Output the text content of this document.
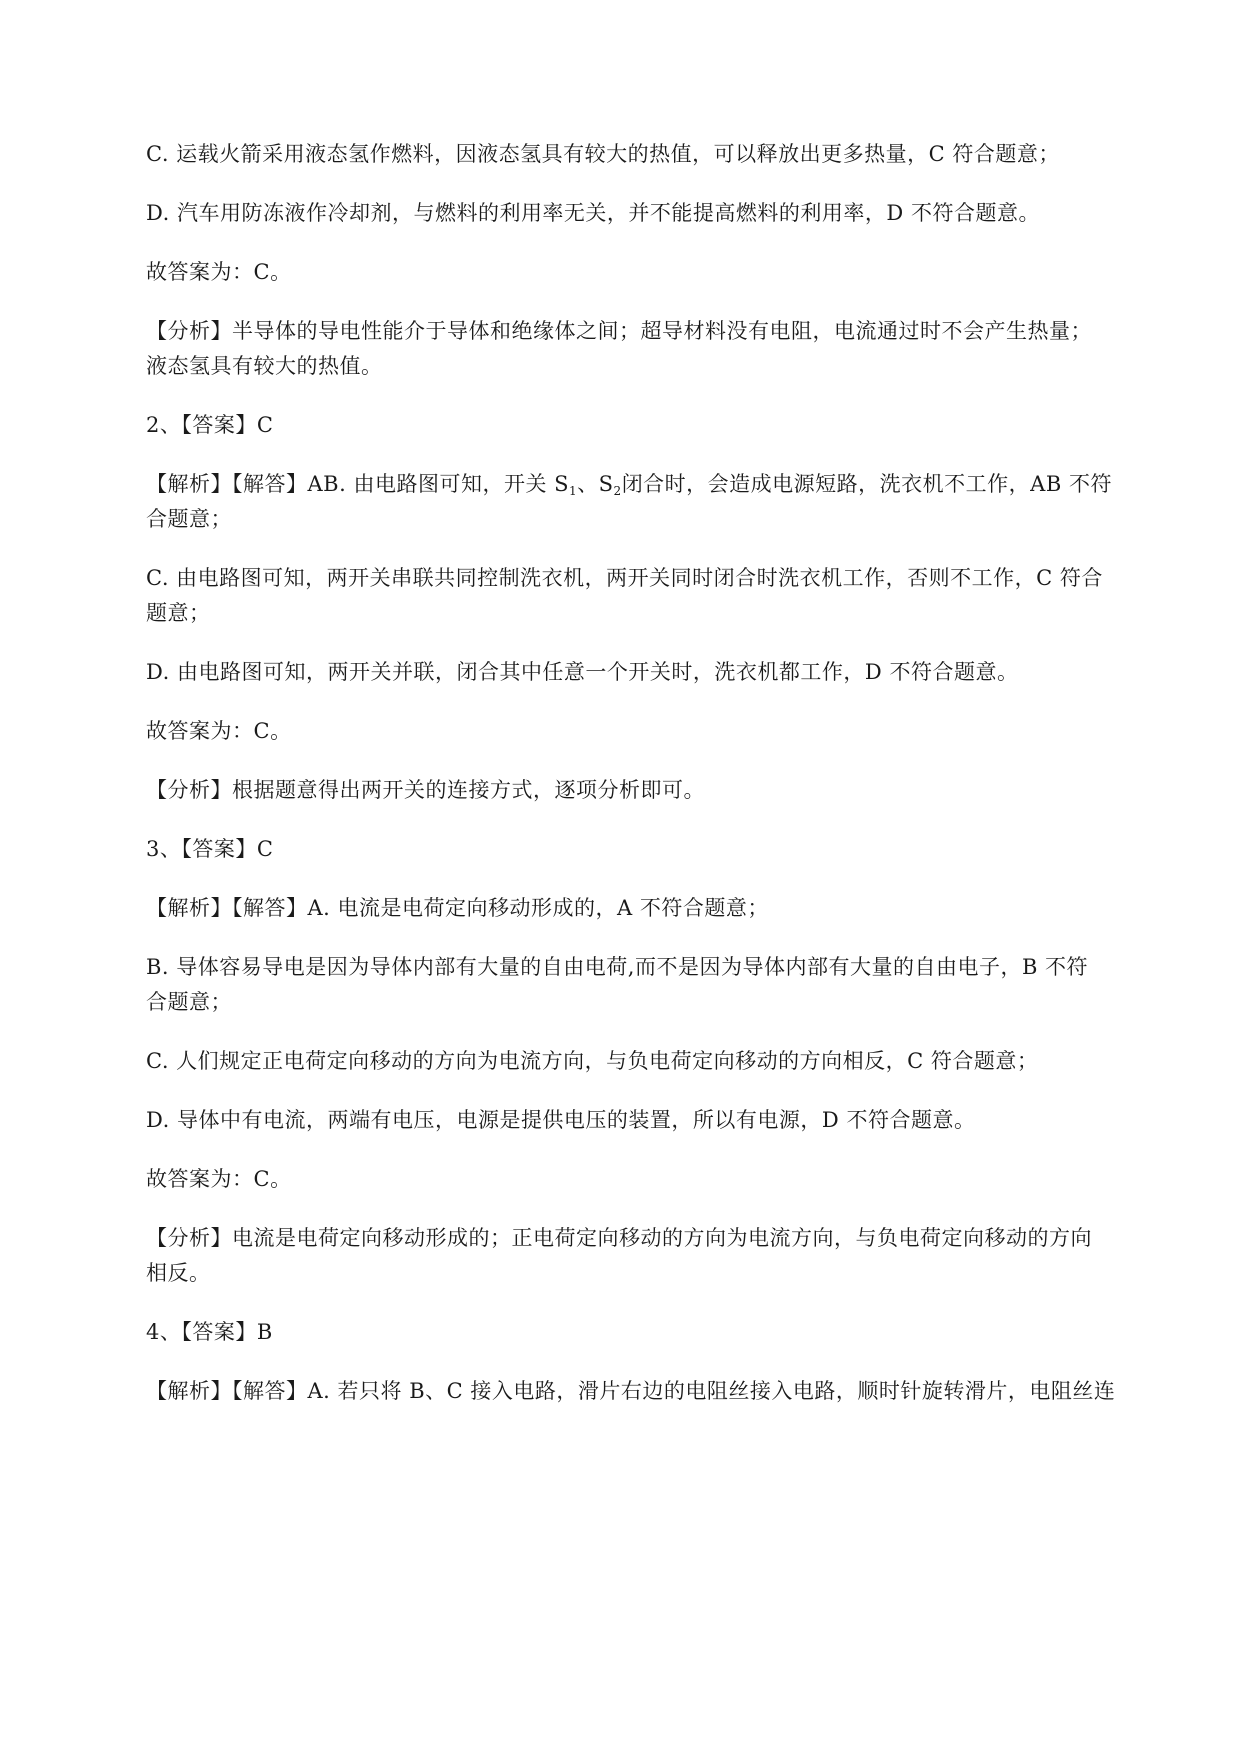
C. 运载火箭采用液态氢作燃料，因液态氢具有较大的热值，可以释放出更多热量，C 符合题意；
D. 汽车用防冻液作冷却剂，与燃料的利用率无关，并不能提高燃料的利用率，D 不符合题意。
故答案为：C。
【分析】半导体的导电性能介于导体和绝缘体之间；超导材料没有电阻，电流通过时不会产生热量；
液态氢具有较大的热值。
2、【答案】C
【解析】【解答】AB. 由电路图可知，开关 $S_1$、$S_2$闭合时，会造成电源短路，洗衣机不工作，AB 不符
合题意；
C. 由电路图可知，两开关串联共同控制洗衣机，两开关同时闭合时洗衣机工作，否则不工作，C 符合
题意；
D. 由电路图可知，两开关并联，闭合其中任意一个开关时，洗衣机都工作，D 不符合题意。
故答案为：C。
【分析】根据题意得出两开关的连接方式，逐项分析即可。
3、【答案】C
【解析】【解答】A. 电流是电荷定向移动形成的，A 不符合题意；
B. 导体容易导电是因为导体内部有大量的自由电荷,而不是因为导体内部有大量的自由电子，B 不符
合题意；
C. 人们规定正电荷定向移动的方向为电流方向，与负电荷定向移动的方向相反，C 符合题意；
D. 导体中有电流，两端有电压，电源是提供电压的装置，所以有电源，D 不符合题意。
故答案为：C。
【分析】电流是电荷定向移动形成的；正电荷定向移动的方向为电流方向，与负电荷定向移动的方向
相反。
4、【答案】B
【解析】【解答】A. 若只将 B、C 接入电路，滑片右边的电阻丝接入电路，顺时针旋转滑片，电阻丝连
